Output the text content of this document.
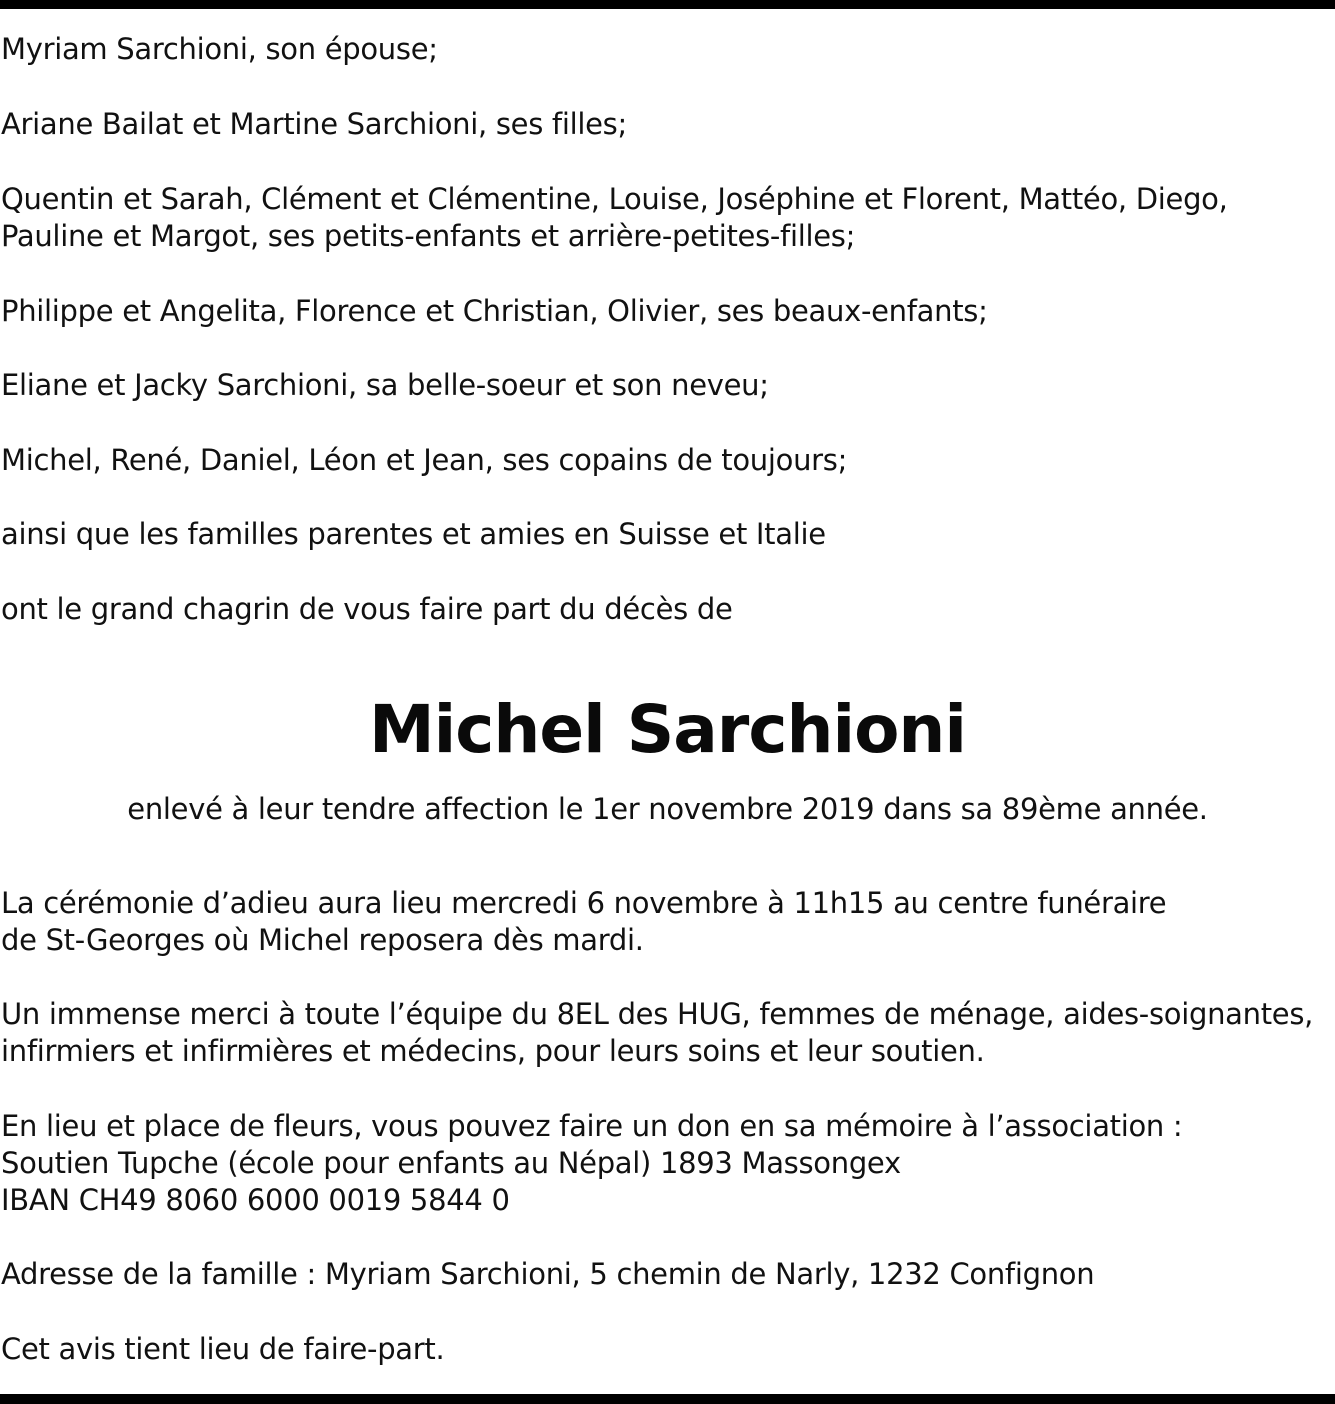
Myriam Sarchioni, son épouse;

Ariane Bailat et Martine Sarchioni, ses filles;

Quentin et Sarah, Clément et Clémentine, Louise, Joséphine et Florent, Mattéo, Diego,

Pauline et Margot, ses petits-enfants et arrière-petites-filles;

Philippe et Angelita, Florence et Christian, Olivier, ses beaux-enfants;

Eliane et Jacky Sarchioni, sa belle-soeur et son neveu;

Michel, René, Daniel, Léon et Jean, ses copains de toujours;

ainsi que les familles parentes et amies en Suisse et Italie

ont le grand chagrin de vous faire part du décès de

Michel Sarchioni

enlevé à leur tendre affection le 1er novembre 2019 dans sa 89ème année.

La cérémonie d’adieu aura lieu mercredi 6 novembre à 11h15 au centre funéraire

de St-Georges où Michel reposera dès mardi.

Un immense merci à toute l’équipe du 8EL des HUG, femmes de ménage, aides-soignantes,

infirmiers et infirmières et médecins, pour leurs soins et leur soutien.

En lieu et place de fleurs, vous pouvez faire un don en sa mémoire à l’association :

Soutien Tupche (école pour enfants au Népal) 1893 Massongex

IBAN CH49 8060 6000 0019 5844 0

Adresse de la famille : Myriam Sarchioni, 5 chemin de Narly, 1232 Confignon

Cet avis tient lieu de faire-part.
